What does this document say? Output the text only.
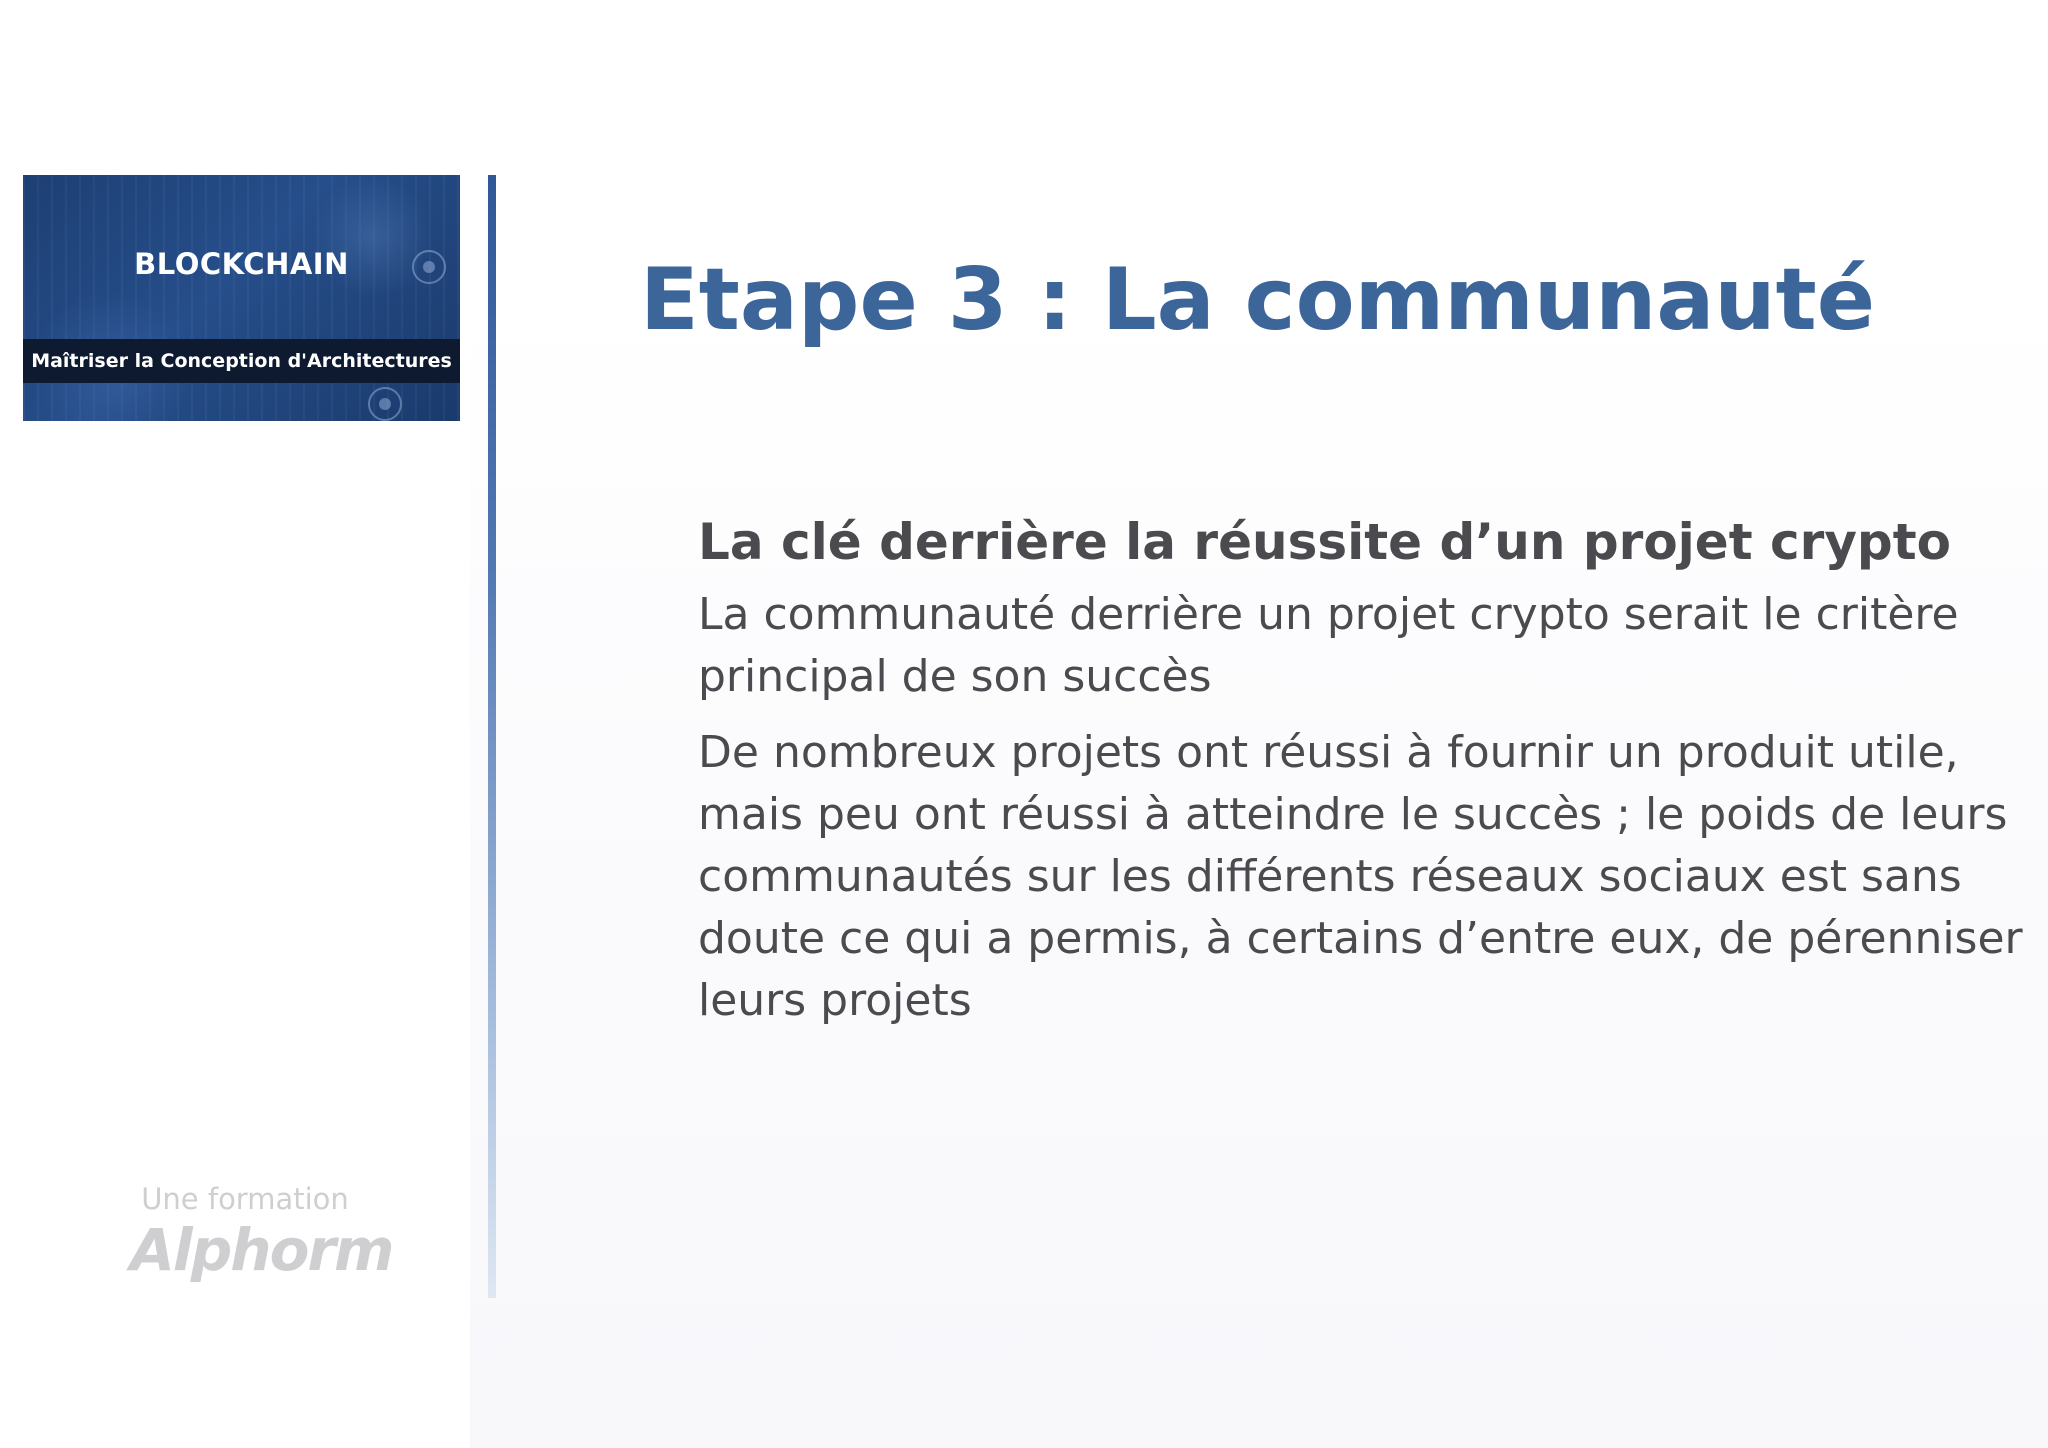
BLOCKCHAIN
Maîtriser la Conception d'Architectures
Etape 3 : La communauté

La clé derrière la réussite d’un projet crypto

La communauté derrière un projet crypto serait le critère principal de son succès

De nombreux projets ont réussi à fournir un produit utile, mais peu ont réussi à atteindre le succès ; le poids de leurs communautés sur les différents réseaux sociaux est sans doute ce qui a permis, à certains d’entre eux, de pérenniser leurs projets

Une formation
Alphorm
